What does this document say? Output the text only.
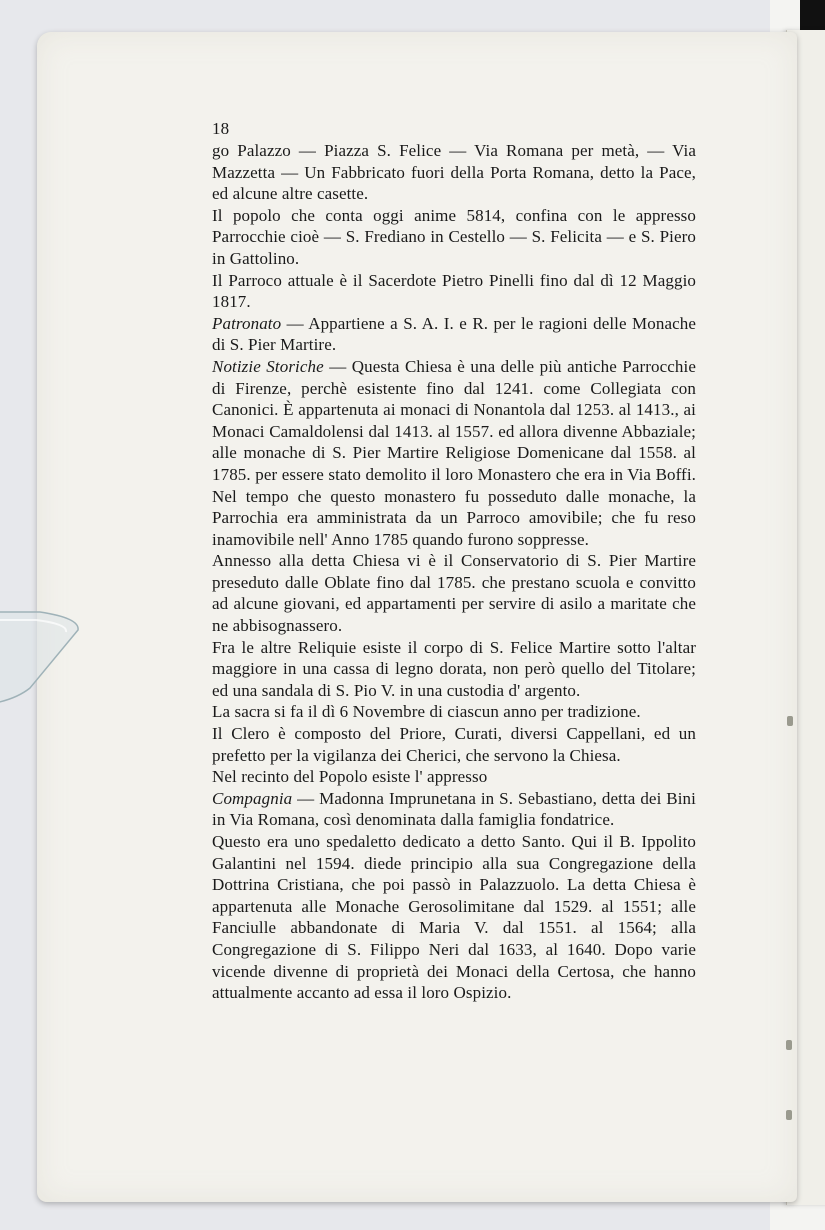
18

go Palazzo — Piazza S. Felice — Via Romana per metà, — Via Mazzetta — Un Fabbricato fuori della Porta Romana, detto la Pace, ed alcune altre casette.

Il popolo che conta oggi anime 5814, confina con le appresso Parrocchie cioè — S. Frediano in Cestello — S. Felicita — e S. Piero in Gattolino.

Il Parroco attuale è il Sacerdote Pietro Pinelli fino dal dì 12 Maggio 1817.

Patronato — Appartiene a S. A. I. e R. per le ragioni delle Monache di S. Pier Martire.

Notizie Storiche — Questa Chiesa è una delle più antiche Parrocchie di Firenze, perchè esistente fino dal 1241. come Collegiata con Canonici. È appartenuta ai monaci di Nonantola dal 1253. al 1413., ai Monaci Camaldolensi dal 1413. al 1557. ed allora divenne Abbaziale; alle monache di S. Pier Martire Religiose Domenicane dal 1558. al 1785. per essere stato demolito il loro Monastero che era in Via Boffi. Nel tempo che questo monastero fu posseduto dalle monache, la Parrochia era amministrata da un Parroco amovibile; che fu reso inamovibile nell' Anno 1785 quando furono soppresse.

Annesso alla detta Chiesa vi è il Conservatorio di S. Pier Martire preseduto dalle Oblate fino dal 1785. che prestano scuola e convitto ad alcune giovani, ed appartamenti per servire di asilo a maritate che ne abbisognassero.

Fra le altre Reliquie esiste il corpo di S. Felice Martire sotto l'altar maggiore in una cassa di legno dorata, non però quello del Titolare; ed una sandala di S. Pio V. in una custodia d' argento.

La sacra si fa il dì 6 Novembre di ciascun anno per tradizione.

Il Clero è composto del Priore, Curati, diversi Cappellani, ed un prefetto per la vigilanza dei Cherici, che servono la Chiesa.

Nel recinto del Popolo esiste l' appresso

Compagnia — Madonna Imprunetana in S. Sebastiano, detta dei Bini in Via Romana, così denominata dalla famiglia fondatrice.

Questo era uno spedaletto dedicato a detto Santo. Qui il B. Ippolito Galantini nel 1594. diede principio alla sua Congregazione della Dottrina Cristiana, che poi passò in Palazzuolo. La detta Chiesa è appartenuta alle Monache Gerosolimitane dal 1529. al 1551; alle Fanciulle abbandonate di Maria V. dal 1551. al 1564; alla Congregazione di S. Filippo Neri dal 1633, al 1640. Dopo varie vicende divenne di proprietà dei Monaci della Certosa, che hanno attualmente accanto ad essa il loro Ospizio.
